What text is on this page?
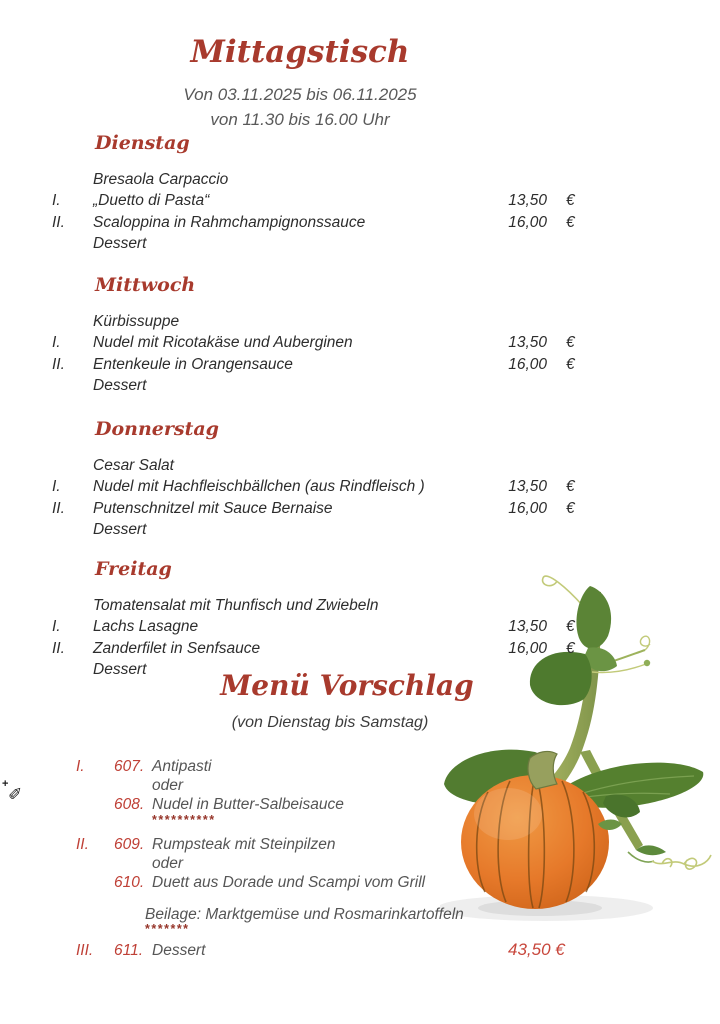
+
✐
Mittagstisch
Von 03.11.2025 bis 06.11.2025
von 11.30 bis 16.00 Uhr
Dienstag
Bresaola Carpaccio
I. „Duetto di Pasta“	13,50 €
II. Scaloppina in Rahmchampignonssauce	16,00 €
Dessert
Mittwoch
Kürbissuppe
I. Nudel mit Ricotakäse und Auberginen	13,50 €
II. Entenkeule in Orangensauce	16,00 €
Dessert
Donnerstag
Cesar Salat
I. Nudel mit Hachfleischbällchen (aus Rindfleisch )	13,50 €
II. Putenschnitzel mit Sauce Bernaise	16,00 €
Dessert
Freitag
Tomatensalat mit Thunfisch und Zwiebeln
I. Lachs Lasagne	13,50 €
II. Zanderfilet in Senfsauce	16,00 €
Dessert	Menü Vorschlag
(von Dienstag bis Samstag)
I. 607. Antipasti
oder
608. Nudel in Butter-Salbeisauce
**********
II. 609. Rumpsteak mit Steinpilzen
oder
610. Duett aus Dorade und Scampi vom Grill
Beilage: Marktgemüse und Rosmarinkartoffeln
*******
III. 611. Dessert	43,50 €
